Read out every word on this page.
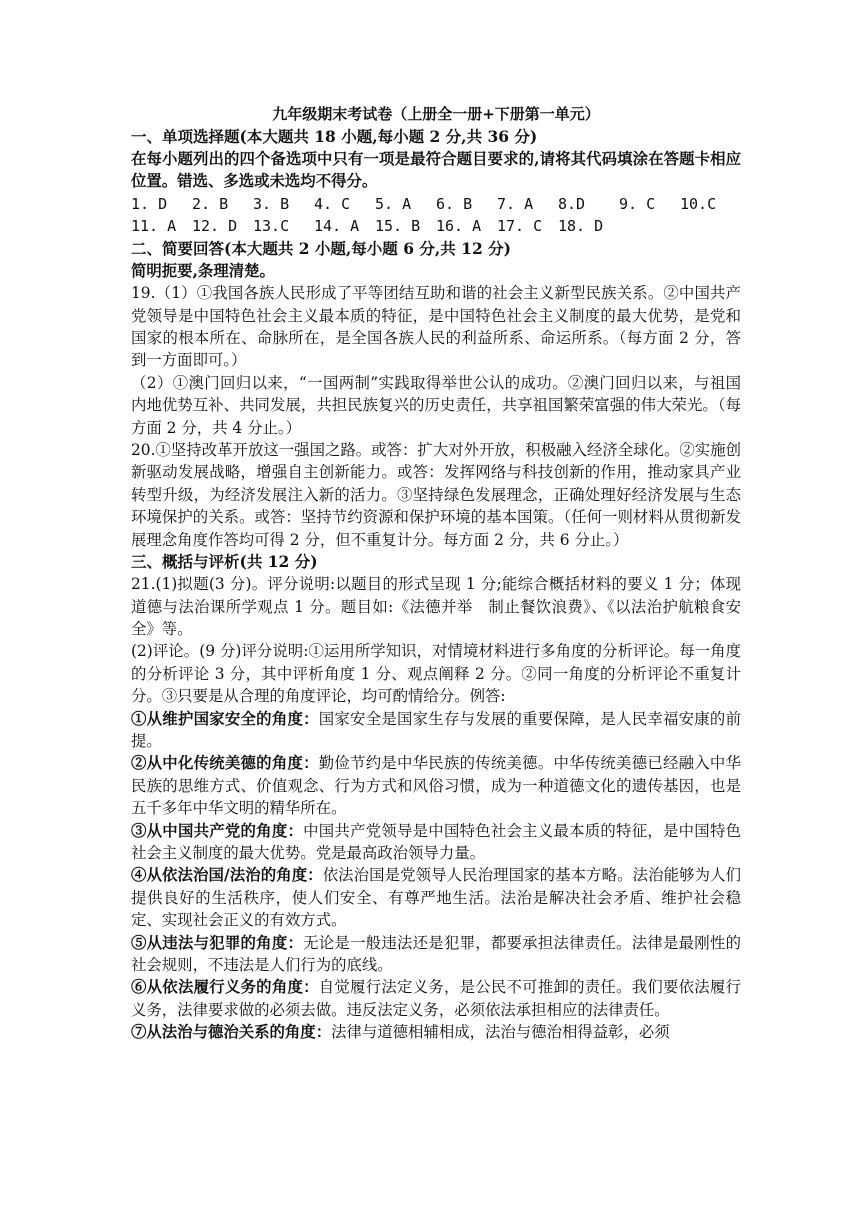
九年级期末考试卷（上册全一册+下册第一单元）

一、单项选择题(本大题共 18 小题,每小题 2 分,共 36 分)

在每小题列出的四个备选项中只有一项是最符合题目要求的,请将其代码填涂在答题卡相应位置。错选、多选或未选均不得分。

1. D	2. B	3. B	4. C	5. A	6. B	7. A	8.D	9. C	10.C
11. A	12. D	13.C	14. A	15. B	16. A	17. C	18. D

二、简要回答(本大题共 2 小题,每小题 6 分,共 12 分)

简明扼要,条理清楚。

19.（1）①我国各族人民形成了平等团结互助和谐的社会主义新型民族关系。②中国共产党领导是中国特色社会主义最本质的特征，是中国特色社会主义制度的最大优势，是党和国家的根本所在、命脉所在，是全国各族人民的利益所系、命运所系。（每方面 2 分，答到一方面即可。）

（2）①澳门回归以来，“一国两制”实践取得举世公认的成功。②澳门回归以来，与祖国内地优势互补、共同发展，共担民族复兴的历史责任，共享祖国繁荣富强的伟大荣光。（每方面 2 分，共 4 分止。）

20.①坚持改革开放这一强国之路。或答：扩大对外开放，积极融入经济全球化。②实施创新驱动发展战略，增强自主创新能力。或答：发挥网络与科技创新的作用，推动家具产业转型升级，为经济发展注入新的活力。③坚持绿色发展理念，正确处理好经济发展与生态环境保护的关系。或答：坚持节约资源和保护环境的基本国策。（任何一则材料从贯彻新发展理念角度作答均可得 2 分，但不重复计分。每方面 2 分，共 6 分止。）

三、概括与评析(共 12 分)

21.(1)拟题(3 分)。评分说明:以题目的形式呈现 1 分;能综合概括材料的要义 1 分；体现道德与法治课所学观点 1 分。题目如:《法德并举　制止餐饮浪费》、《以法治护航粮食安全》等。

(2)评论。(9 分)评分说明:①运用所学知识，对情境材料进行多角度的分析评论。每一角度的分析评论 3 分，其中评析角度 1 分、观点阐释 2 分。②同一角度的分析评论不重复计分。③只要是从合理的角度评论，均可酌情给分。例答:

①从维护国家安全的角度：国家安全是国家生存与发展的重要保障，是人民幸福安康的前提。

②从中化传统美德的角度：勤俭节约是中华民族的传统美德。中华传统美德已经融入中华民族的思维方式、价值观念、行为方式和风俗习惯，成为一种道德文化的遗传基因，也是五千多年中华文明的精华所在。

③从中国共产党的角度：中国共产党领导是中国特色社会主义最本质的特征，是中国特色社会主义制度的最大优势。党是最高政治领导力量。

④从依法治国/法治的角度：依法治国是党领导人民治理国家的基本方略。法治能够为人们提供良好的生活秩序，使人们安全、有尊严地生活。法治是解决社会矛盾、维护社会稳定、实现社会正义的有效方式。

⑤从违法与犯罪的角度：无论是一般违法还是犯罪，都要承担法律责任。法律是最刚性的社会规则，不违法是人们行为的底线。

⑥从依法履行义务的角度：自觉履行法定义务，是公民不可推卸的责任。我们要依法履行义务，法律要求做的必须去做。违反法定义务，必须依法承担相应的法律责任。

⑦从法治与德治关系的角度：法律与道德相辅相成，法治与德治相得益彰，必须
